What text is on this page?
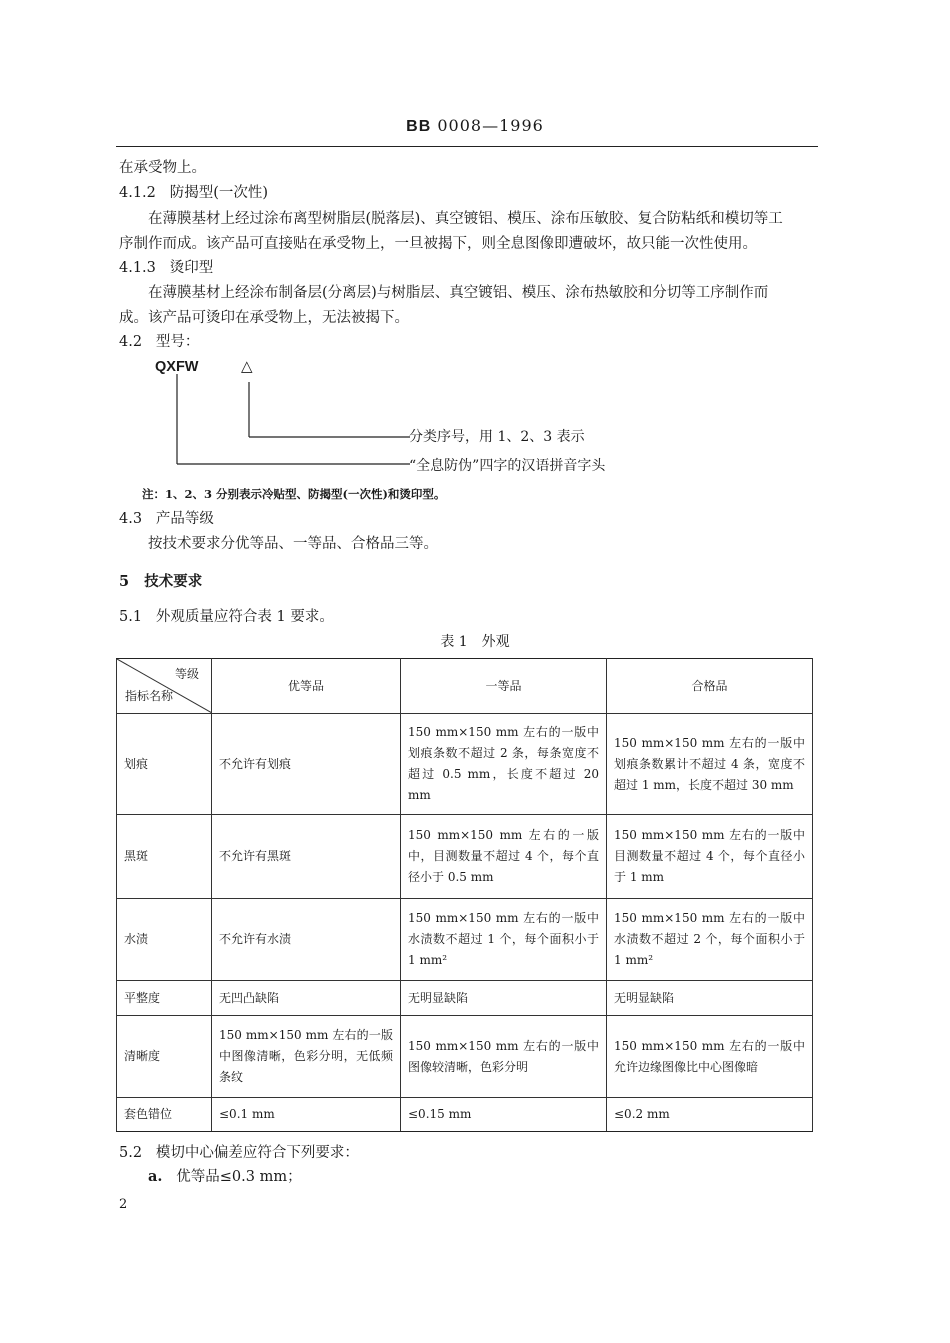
BB 0008—1996
在承受物上。
4.1.2 防揭型(一次性)
在薄膜基材上经过涂布离型树脂层(脱落层)、真空镀铝、模压、涂布压敏胶、复合防粘纸和模切等工
序制作而成。该产品可直接贴在承受物上，一旦被揭下，则全息图像即遭破坏，故只能一次性使用。
4.1.3 烫印型
在薄膜基材上经涂布制备层(分离层)与树脂层、真空镀铝、模压、涂布热敏胶和分切等工序制作而
成。该产品可烫印在承受物上，无法被揭下。
4.2 型号：
QXFW	△
分类序号，用 1、2、3 表示
“全息防伪”四字的汉语拼音字头
注：1、2、3 分别表示冷贴型、防揭型(一次性)和烫印型。
4.3 产品等级
按技术要求分优等品、一等品、合格品三等。
5 技术要求
5.1 外观质量应符合表 1 要求。
表 1　外观
等级
指标名称	优等品	一等品	合格品
划痕	不允许有划痕	150 mm×150 mm 左右的一版中划痕条数不超过 2 条，每条宽度不超过 0.5 mm，长度不超过 20 mm	150 mm×150 mm 左右的一版中划痕条数累计不超过 4 条，宽度不超过 1 mm，长度不超过 30 mm
黑斑	不允许有黑斑	150 mm×150 mm 左右的一版中，目测数量不超过 4 个，每个直径小于 0.5 mm	150 mm×150 mm 左右的一版中目测数量不超过 4 个，每个直径小于 1 mm
水渍	不允许有水渍	150 mm×150 mm 左右的一版中水渍数不超过 1 个，每个面积小于 1 mm²	150 mm×150 mm 左右的一版中水渍数不超过 2 个，每个面积小于 1 mm²
平整度	无凹凸缺陷	无明显缺陷	无明显缺陷
清晰度	150 mm×150 mm 左右的一版中图像清晰，色彩分明，无低频条纹	150 mm×150 mm 左右的一版中图像较清晰，色彩分明	150 mm×150 mm 左右的一版中允许边缘图像比中心图像暗
套色错位	≤0.1 mm	≤0.15 mm	≤0.2 mm
5.2 模切中心偏差应符合下列要求：
a. 优等品≤0.3 mm；
2
